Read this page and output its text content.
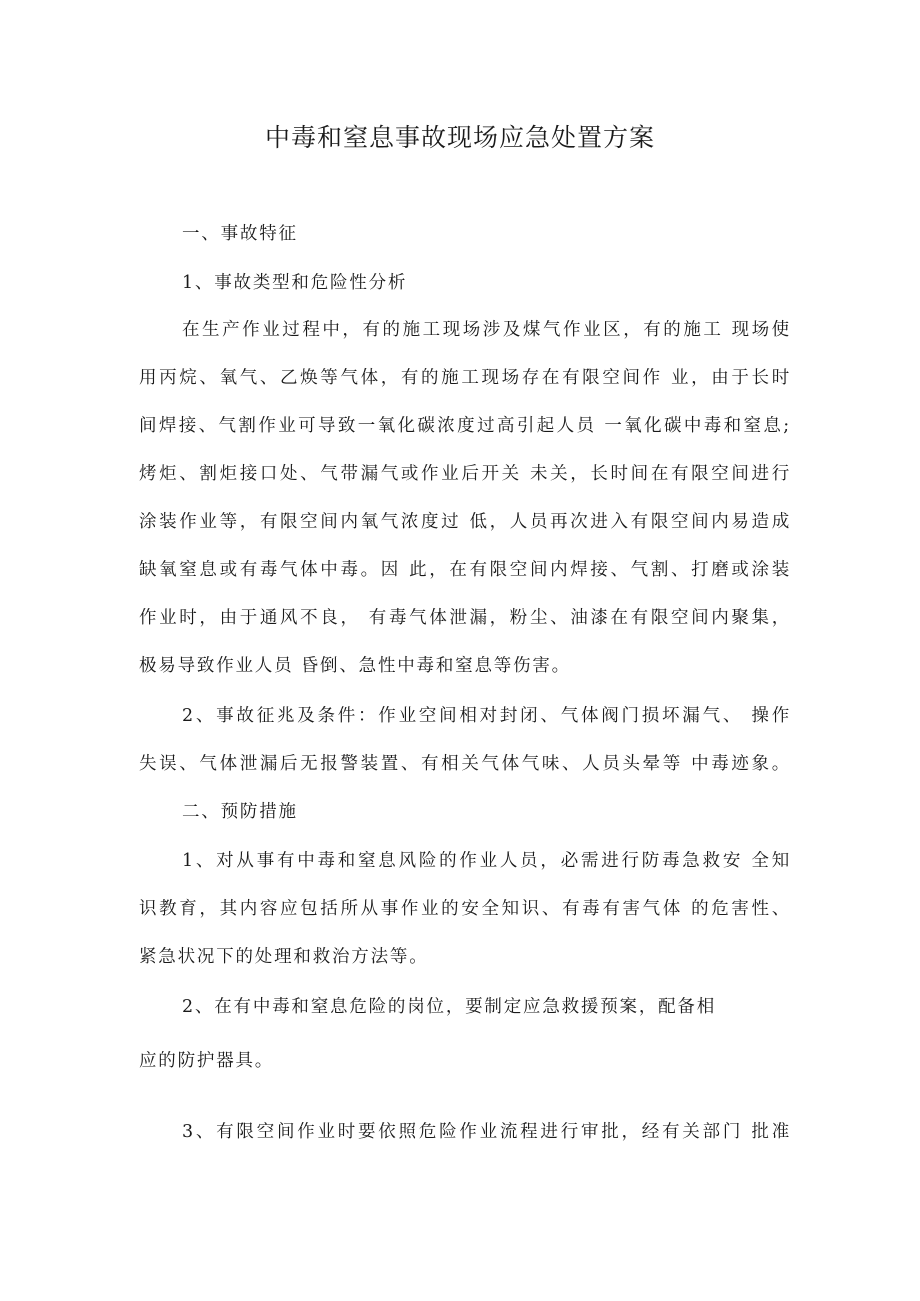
中毒和窒息事故现场应急处置方案
一、事故特征
1、事故类型和危险性分析
在生产作业过程中，有的施工现场涉及煤气作业区，有的施工 现场使
用丙烷、氧气、乙焕等气体，有的施工现场存在有限空间作 业，由于长时
间焊接、气割作业可导致一氧化碳浓度过高引起人员 一氧化碳中毒和窒息;
烤炬、割炬接口处、气带漏气或作业后开关 未关，长时间在有限空间进行
涂装作业等，有限空间内氧气浓度过 低，人员再次进入有限空间内易造成
缺氧窒息或有毒气体中毒。因 此，在有限空间内焊接、气割、打磨或涂装
作业时，由于通风不良， 有毒气体泄漏，粉尘、油漆在有限空间内聚集，
极易导致作业人员 昏倒、急性中毒和窒息等伤害。
2、事故征兆及条件：作业空间相对封闭、气体阀门损坏漏气、 操作
失误、气体泄漏后无报警装置、有相关气体气味、人员头晕等 中毒迹象。
二、预防措施
1、对从事有中毒和窒息风险的作业人员，必需进行防毒急救安 全知
识教育，其内容应包括所从事作业的安全知识、有毒有害气体 的危害性、
紧急状况下的处理和救治方法等。
2、在有中毒和窒息危险的岗位，要制定应急救援预案，配备相
应的防护器具。
3、有限空间作业时要依照危险作业流程进行审批，经有关部门 批准
